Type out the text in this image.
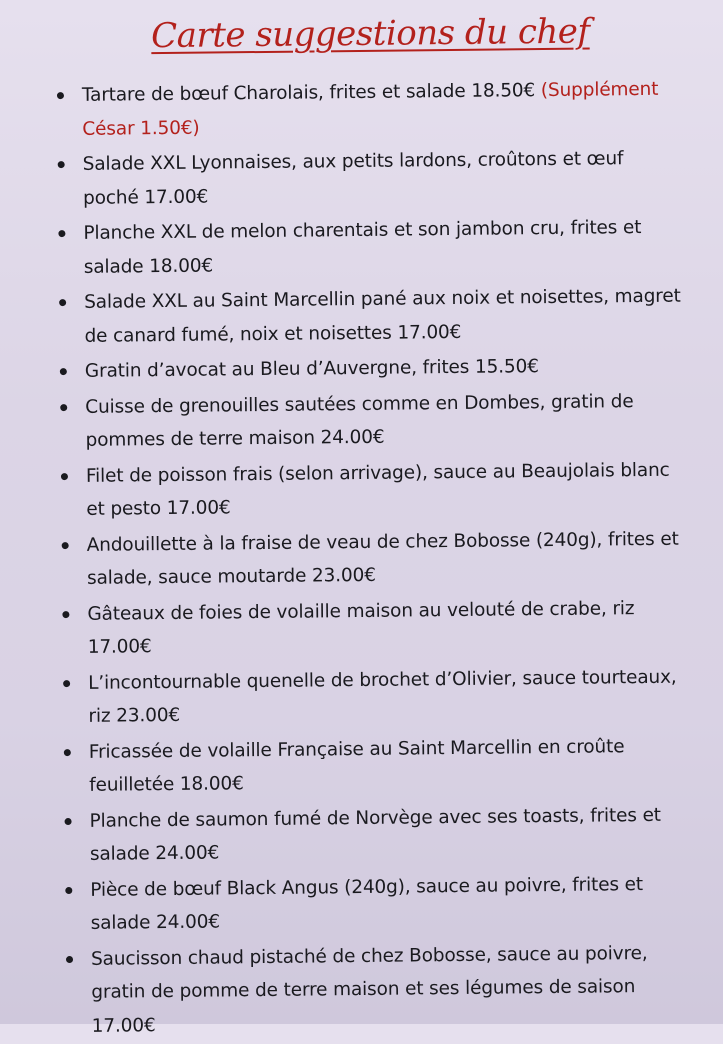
Carte suggestions du chef
Tartare de bœuf Charolais, frites et salade 18.50€ (Supplément César 1.50€)
Salade XXL Lyonnaises, aux petits lardons, croûtons et œuf poché 17.00€
Planche XXL de melon charentais et son jambon cru, frites et salade 18.00€
Salade XXL au Saint Marcellin pané aux noix et noisettes, magret de canard fumé, noix et noisettes 17.00€
Gratin d’avocat au Bleu d’Auvergne, frites 15.50€
Cuisse de grenouilles sautées comme en Dombes, gratin de pommes de terre maison 24.00€
Filet de poisson frais (selon arrivage), sauce au Beaujolais blanc et pesto 17.00€
Andouillette à la fraise de veau de chez Bobosse (240g), frites et salade, sauce moutarde 23.00€
Gâteaux de foies de volaille maison au velouté de crabe, riz 17.00€
L’incontournable quenelle de brochet d’Olivier, sauce tourteaux, riz 23.00€
Fricassée de volaille Française au Saint Marcellin en croûte feuilletée 18.00€
Planche de saumon fumé de Norvège avec ses toasts, frites et salade 24.00€
Pièce de bœuf Black Angus (240g), sauce au poivre, frites et salade 24.00€
Saucisson chaud pistaché de chez Bobosse, sauce au poivre, gratin de pomme de terre maison et ses légumes de saison 17.00€
